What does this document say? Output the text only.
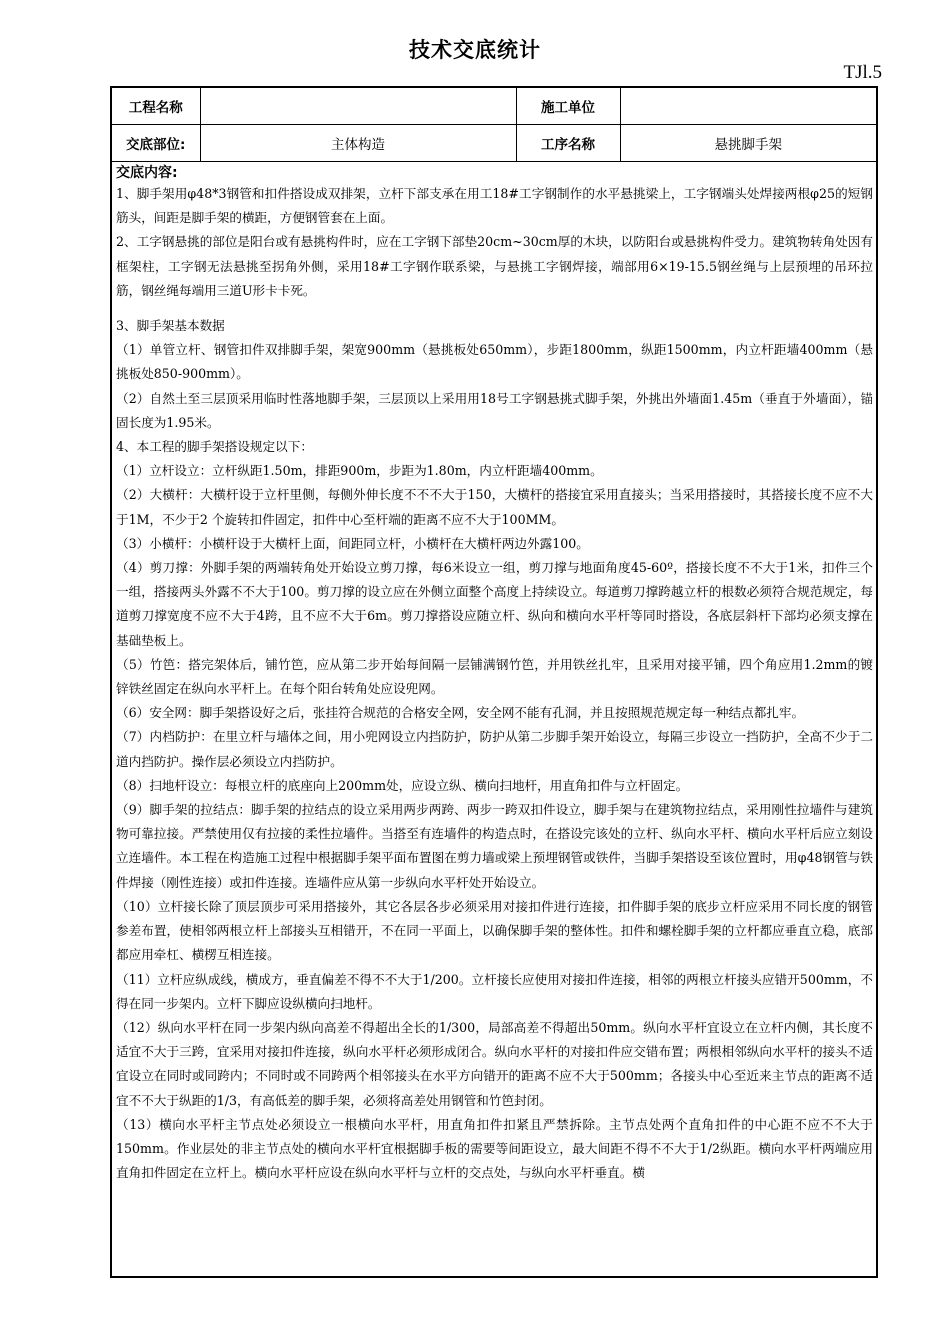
技术交底统计
TJl.5
工程名称		施工单位	
交底部位:	主体构造	工序名称	悬挑脚手架
交底内容:

1、脚手架用φ48*3钢管和扣件搭设成双排架，立杆下部支承在用工18#工字钢制作的水平悬挑梁上，工字钢端头处焊接两根φ25的短钢筋头，间距是脚手架的横距，方便钢管套在上面。

2、工字钢悬挑的部位是阳台或有悬挑构件时，应在工字钢下部垫20cm~30cm厚的木块，以防阳台或悬挑构件受力。建筑物转角处因有框架柱，工字钢无法悬挑至拐角外侧，采用18#工字钢作联系梁，与悬挑工字钢焊接，端部用6×19-15.5钢丝绳与上层预埋的吊环拉筋，钢丝绳每端用三道U形卡卡死。

3、脚手架基本数据

（1）单管立杆、钢管扣件双排脚手架，架宽900mm（悬挑板处650mm），步距1800mm，纵距1500mm，内立杆距墙400mm（悬挑板处850-900mm）。

（2）自然土至三层顶采用临时性落地脚手架，三层顶以上采用用18号工字钢悬挑式脚手架，外挑出外墙面1.45m（垂直于外墙面），锚固长度为1.95米。

4、本工程的脚手架搭设规定以下：

（1）立杆设立：立杆纵距1.50m，排距900m，步距为1.80m，内立杆距墙400mm。

（2）大横杆：大横杆设于立杆里侧，每侧外伸长度不不不大于150，大横杆的搭接宜采用直接头；当采用搭接时，其搭接长度不应不大于1M，不少于2 个旋转扣件固定，扣件中心至杆端的距离不应不大于100MM。

（3）小横杆：小横杆设于大横杆上面，间距同立杆，小横杆在大横杆两边外露100。

（4）剪刀撑：外脚手架的两端转角处开始设立剪刀撑，每6米设立一组，剪刀撑与地面角度45-60º，搭接长度不不大于1米，扣件三个一组，搭接两头外露不不大于100。剪刀撑的设立应在外侧立面整个高度上持续设立。每道剪刀撑跨越立杆的根数必须符合规范规定，每道剪刀撑宽度不应不大于4跨，且不应不大于6m。剪刀撑搭设应随立杆、纵向和横向水平杆等同时搭设，各底层斜杆下部均必须支撑在基础垫板上。

（5）竹笆：搭完架体后，铺竹笆，应从第二步开始每间隔一层铺满钢竹笆，并用铁丝扎牢，且采用对接平铺，四个角应用1.2mm的镀锌铁丝固定在纵向水平杆上。在每个阳台转角处应设兜网。

（6）安全网：脚手架搭设好之后，张挂符合规范的合格安全网，安全网不能有孔洞，并且按照规范规定每一种结点都扎牢。

（7）内档防护：在里立杆与墙体之间，用小兜网设立内挡防护，防护从第二步脚手架开始设立，每隔三步设立一挡防护，全高不少于二道内挡防护。操作层必须设立内挡防护。

（8）扫地杆设立：每根立杆的底座向上200mm处，应设立纵、横向扫地杆，用直角扣件与立杆固定。

（9）脚手架的拉结点：脚手架的拉结点的设立采用两步两跨、两步一跨双扣件设立，脚手架与在建筑物拉结点，采用刚性拉墙件与建筑物可靠拉接。严禁使用仅有拉接的柔性拉墙件。当搭至有连墙件的构造点时，在搭设完该处的立杆、纵向水平杆、横向水平杆后应立刻设立连墙件。本工程在构造施工过程中根据脚手架平面布置图在剪力墙或梁上预埋钢管或铁件，当脚手架搭设至该位置时，用φ48钢管与铁件焊接（刚性连接）或扣件连接。连墙件应从第一步纵向水平杆处开始设立。

（10）立杆接长除了顶层顶步可采用搭接外，其它各层各步必须采用对接扣件进行连接，扣件脚手架的底步立杆应采用不同长度的钢管参差布置，使相邻两根立杆上部接头互相错开，不在同一平面上，以确保脚手架的整体性。扣件和螺栓脚手架的立杆都应垂直立稳，底部都应用牵杠、横楞互相连接。

（11）立杆应纵成线，横成方，垂直偏差不得不不大于1/200。立杆接长应使用对接扣件连接，相邻的两根立杆接头应错开500mm，不得在同一步架内。立杆下脚应设纵横向扫地杆。

（12）纵向水平杆在同一步架内纵向高差不得超出全长的1/300，局部高差不得超出50mm。纵向水平杆宜设立在立杆内侧，其长度不适宜不大于三跨，宜采用对接扣件连接，纵向水平杆必须形成闭合。纵向水平杆的对接扣件应交错布置；两根相邻纵向水平杆的接头不适宜设立在同时或同跨内；不同时或不同跨两个相邻接头在水平方向错开的距离不应不大于500mm；各接头中心至近来主节点的距离不适宜不不大于纵距的1/3，有高低差的脚手架，必须将高差处用钢管和竹笆封闭。

（13）横向水平杆主节点处必须设立一根横向水平杆，用直角扣件扣紧且严禁拆除。主节点处两个直角扣件的中心距不应不不大于150mm。作业层处的非主节点处的横向水平杆宜根据脚手板的需要等间距设立，最大间距不得不不大于1/2纵距。横向水平杆两端应用直角扣件固定在立杆上。横向水平杆应设在纵向水平杆与立杆的交点处，与纵向水平杆垂直。横
